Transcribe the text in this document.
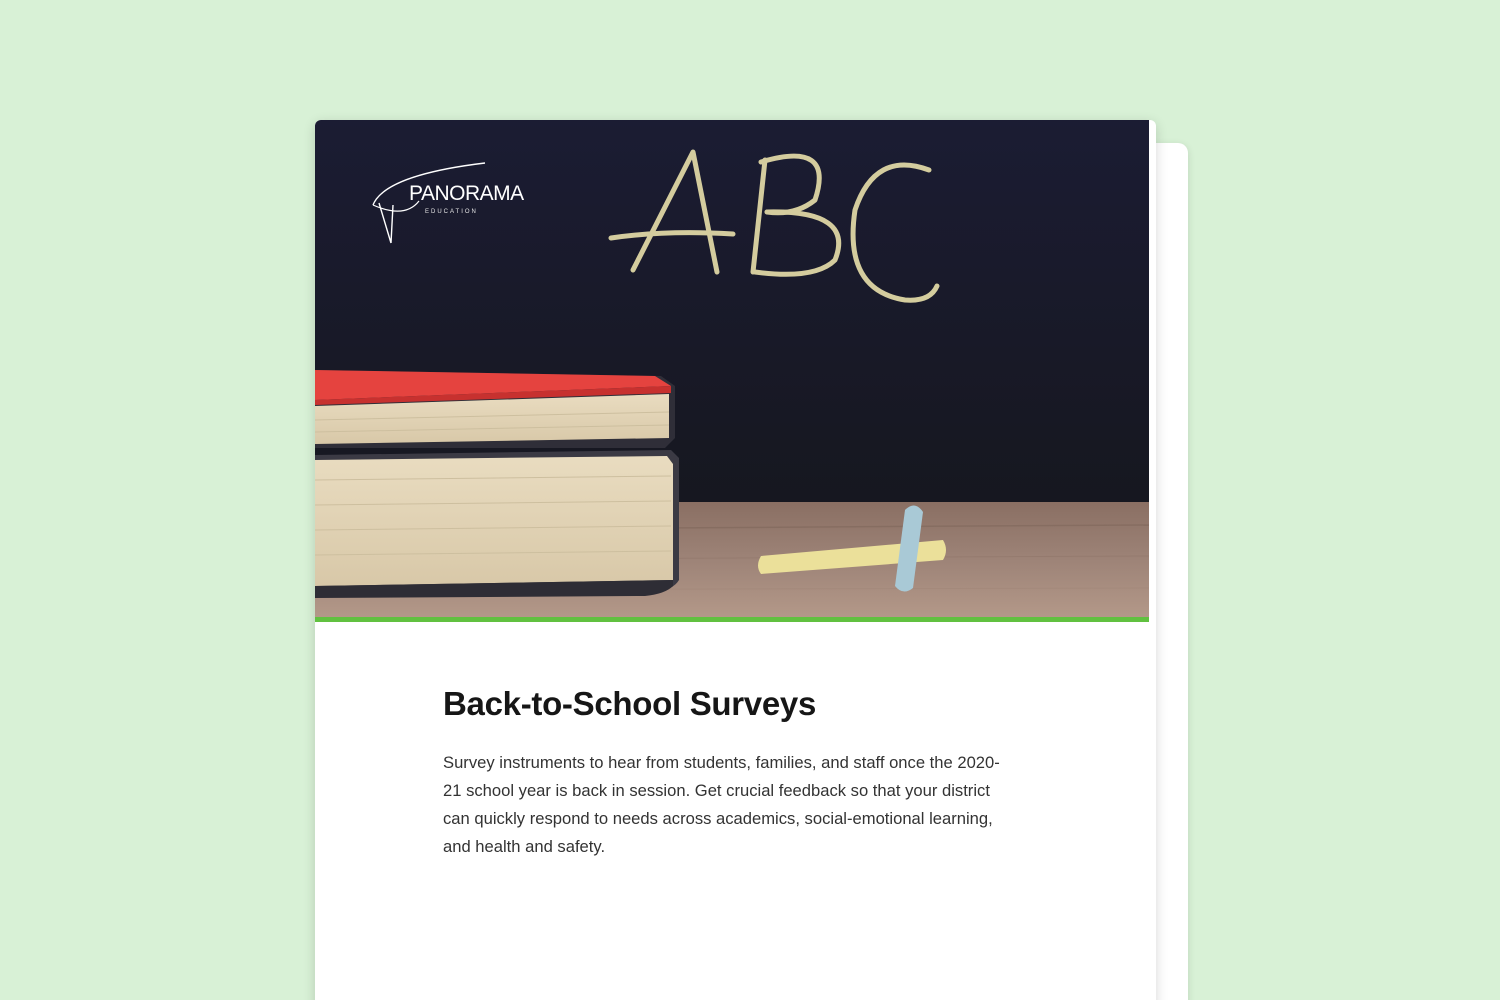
PANORAMA
EDUCATION
Back-to-School Surveys

Survey instruments to hear from students, families, and staff once the 2020-21 school year is back in session. Get crucial feedback so that your district can quickly respond to needs across academics, social-emotional learning, and health and safety.
